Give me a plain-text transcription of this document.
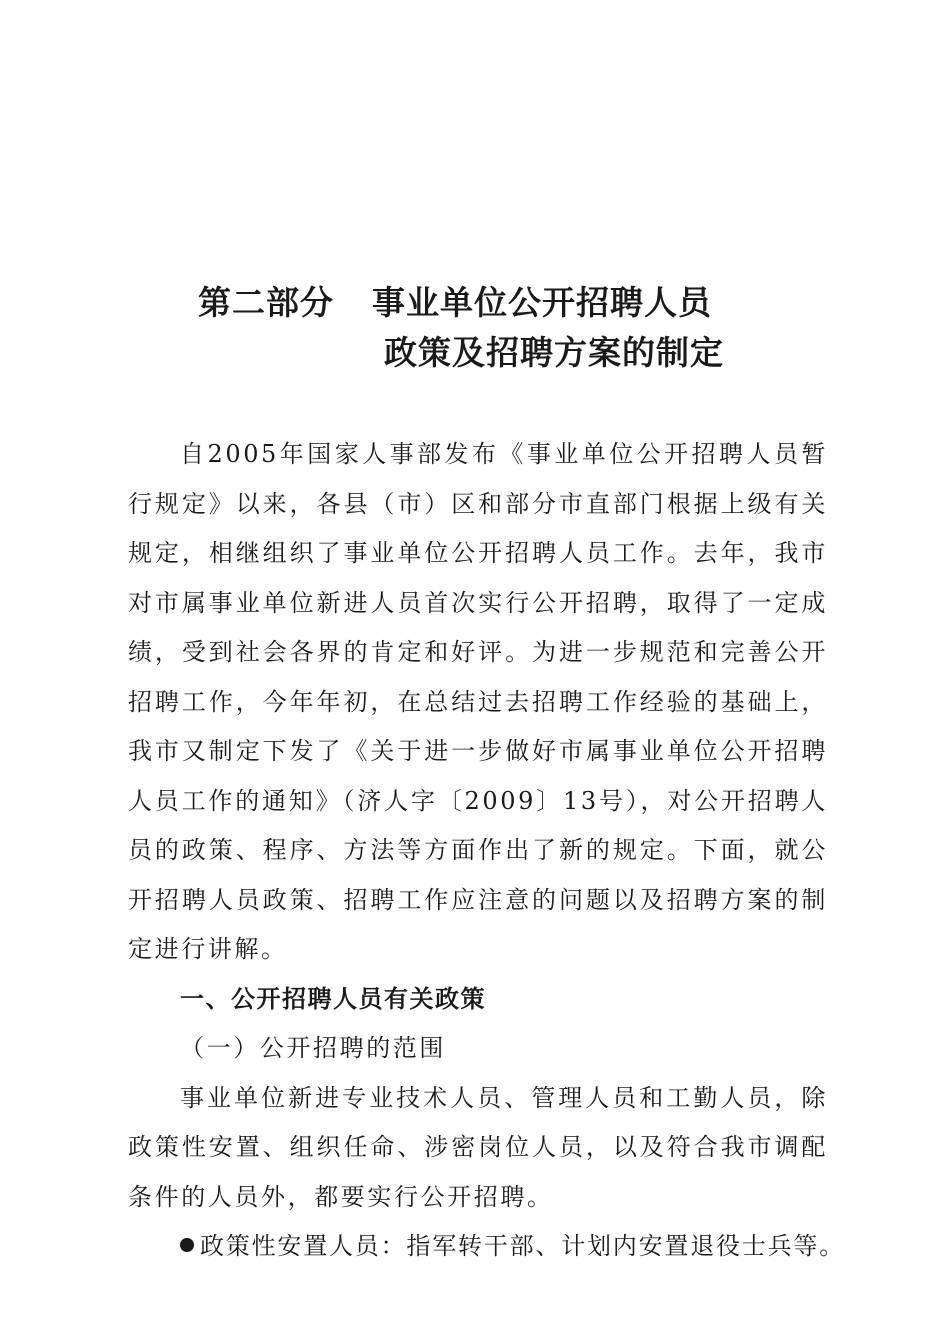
第二部分 事业单位公开招聘人员
政策及招聘方案的制定

自2005年国家人事部发布《事业单位公开招聘人员暂行规定》以来，各县（市）区和部分市直部门根据上级有关规定，相继组织了事业单位公开招聘人员工作。去年，我市对市属事业单位新进人员首次实行公开招聘，取得了一定成绩，受到社会各界的肯定和好评。为进一步规范和完善公开招聘工作，今年年初，在总结过去招聘工作经验的基础上，我市又制定下发了《关于进一步做好市属事业单位公开招聘人员工作的通知》（济人字〔2009〕13号），对公开招聘人员的政策、程序、方法等方面作出了新的规定。下面，就公开招聘人员政策、招聘工作应注意的问题以及招聘方案的制定进行讲解。

一、公开招聘人员有关政策

（一）公开招聘的范围

事业单位新进专业技术人员、管理人员和工勤人员，除政策性安置、组织任命、涉密岗位人员，以及符合我市调配条件的人员外，都要实行公开招聘。

政策性安置人员：指军转干部、计划内安置退役士兵等。
